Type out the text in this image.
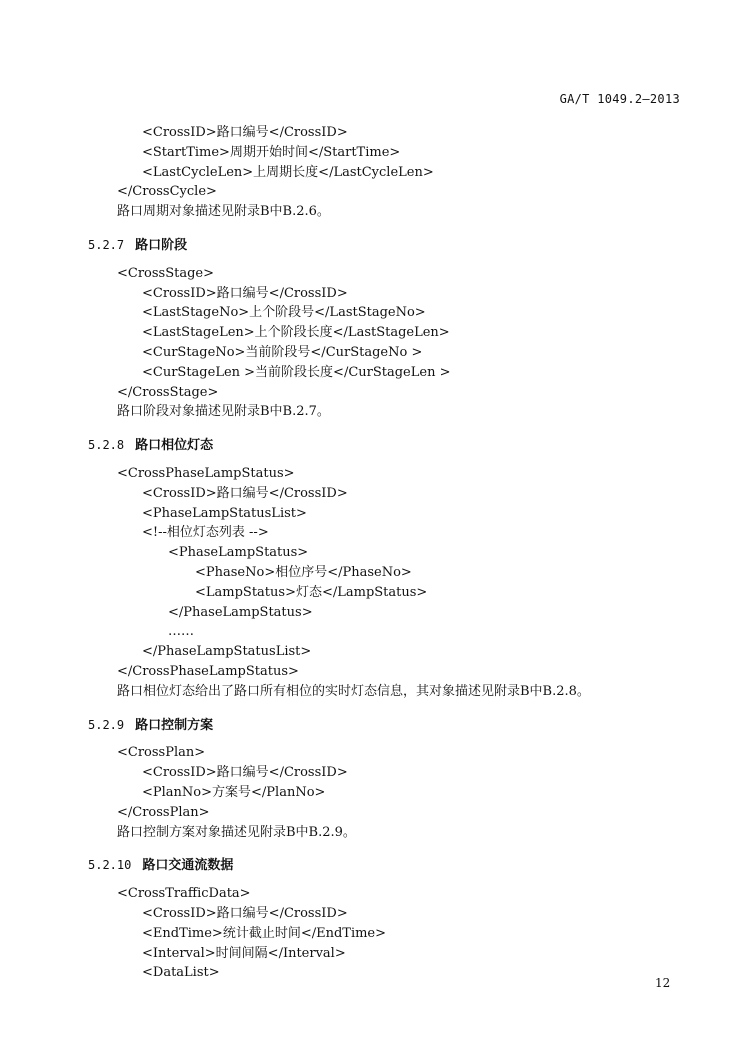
GA/T 1049.2—2013
<CrossID>路口编号</CrossID>
<StartTime>周期开始时间</StartTime>
<LastCycleLen>上周期长度</LastCycleLen>
</CrossCycle>
路口周期对象描述见附录B中B.2.6。
5.2.7 路口阶段
<CrossStage>
<CrossID>路口编号</CrossID>
<LastStageNo>上个阶段号</LastStageNo>
<LastStageLen>上个阶段长度</LastStageLen>
<CurStageNo>当前阶段号</CurStageNo >
<CurStageLen >当前阶段长度</CurStageLen >
</CrossStage>
路口阶段对象描述见附录B中B.2.7。
5.2.8 路口相位灯态
<CrossPhaseLampStatus>
<CrossID>路口编号</CrossID>
<PhaseLampStatusList>
<!--相位灯态列表 -->
<PhaseLampStatus>
<PhaseNo>相位序号</PhaseNo>
<LampStatus>灯态</LampStatus>
</PhaseLampStatus>
……
</PhaseLampStatusList>
</CrossPhaseLampStatus>
路口相位灯态给出了路口所有相位的实时灯态信息，其对象描述见附录B中B.2.8。
5.2.9 路口控制方案
<CrossPlan>
<CrossID>路口编号</CrossID>
<PlanNo>方案号</PlanNo>
</CrossPlan>
路口控制方案对象描述见附录B中B.2.9。
5.2.10 路口交通流数据
<CrossTrafficData>
<CrossID>路口编号</CrossID>
<EndTime>统计截止时间</EndTime>
<Interval>时间间隔</Interval>
<DataList>
12
